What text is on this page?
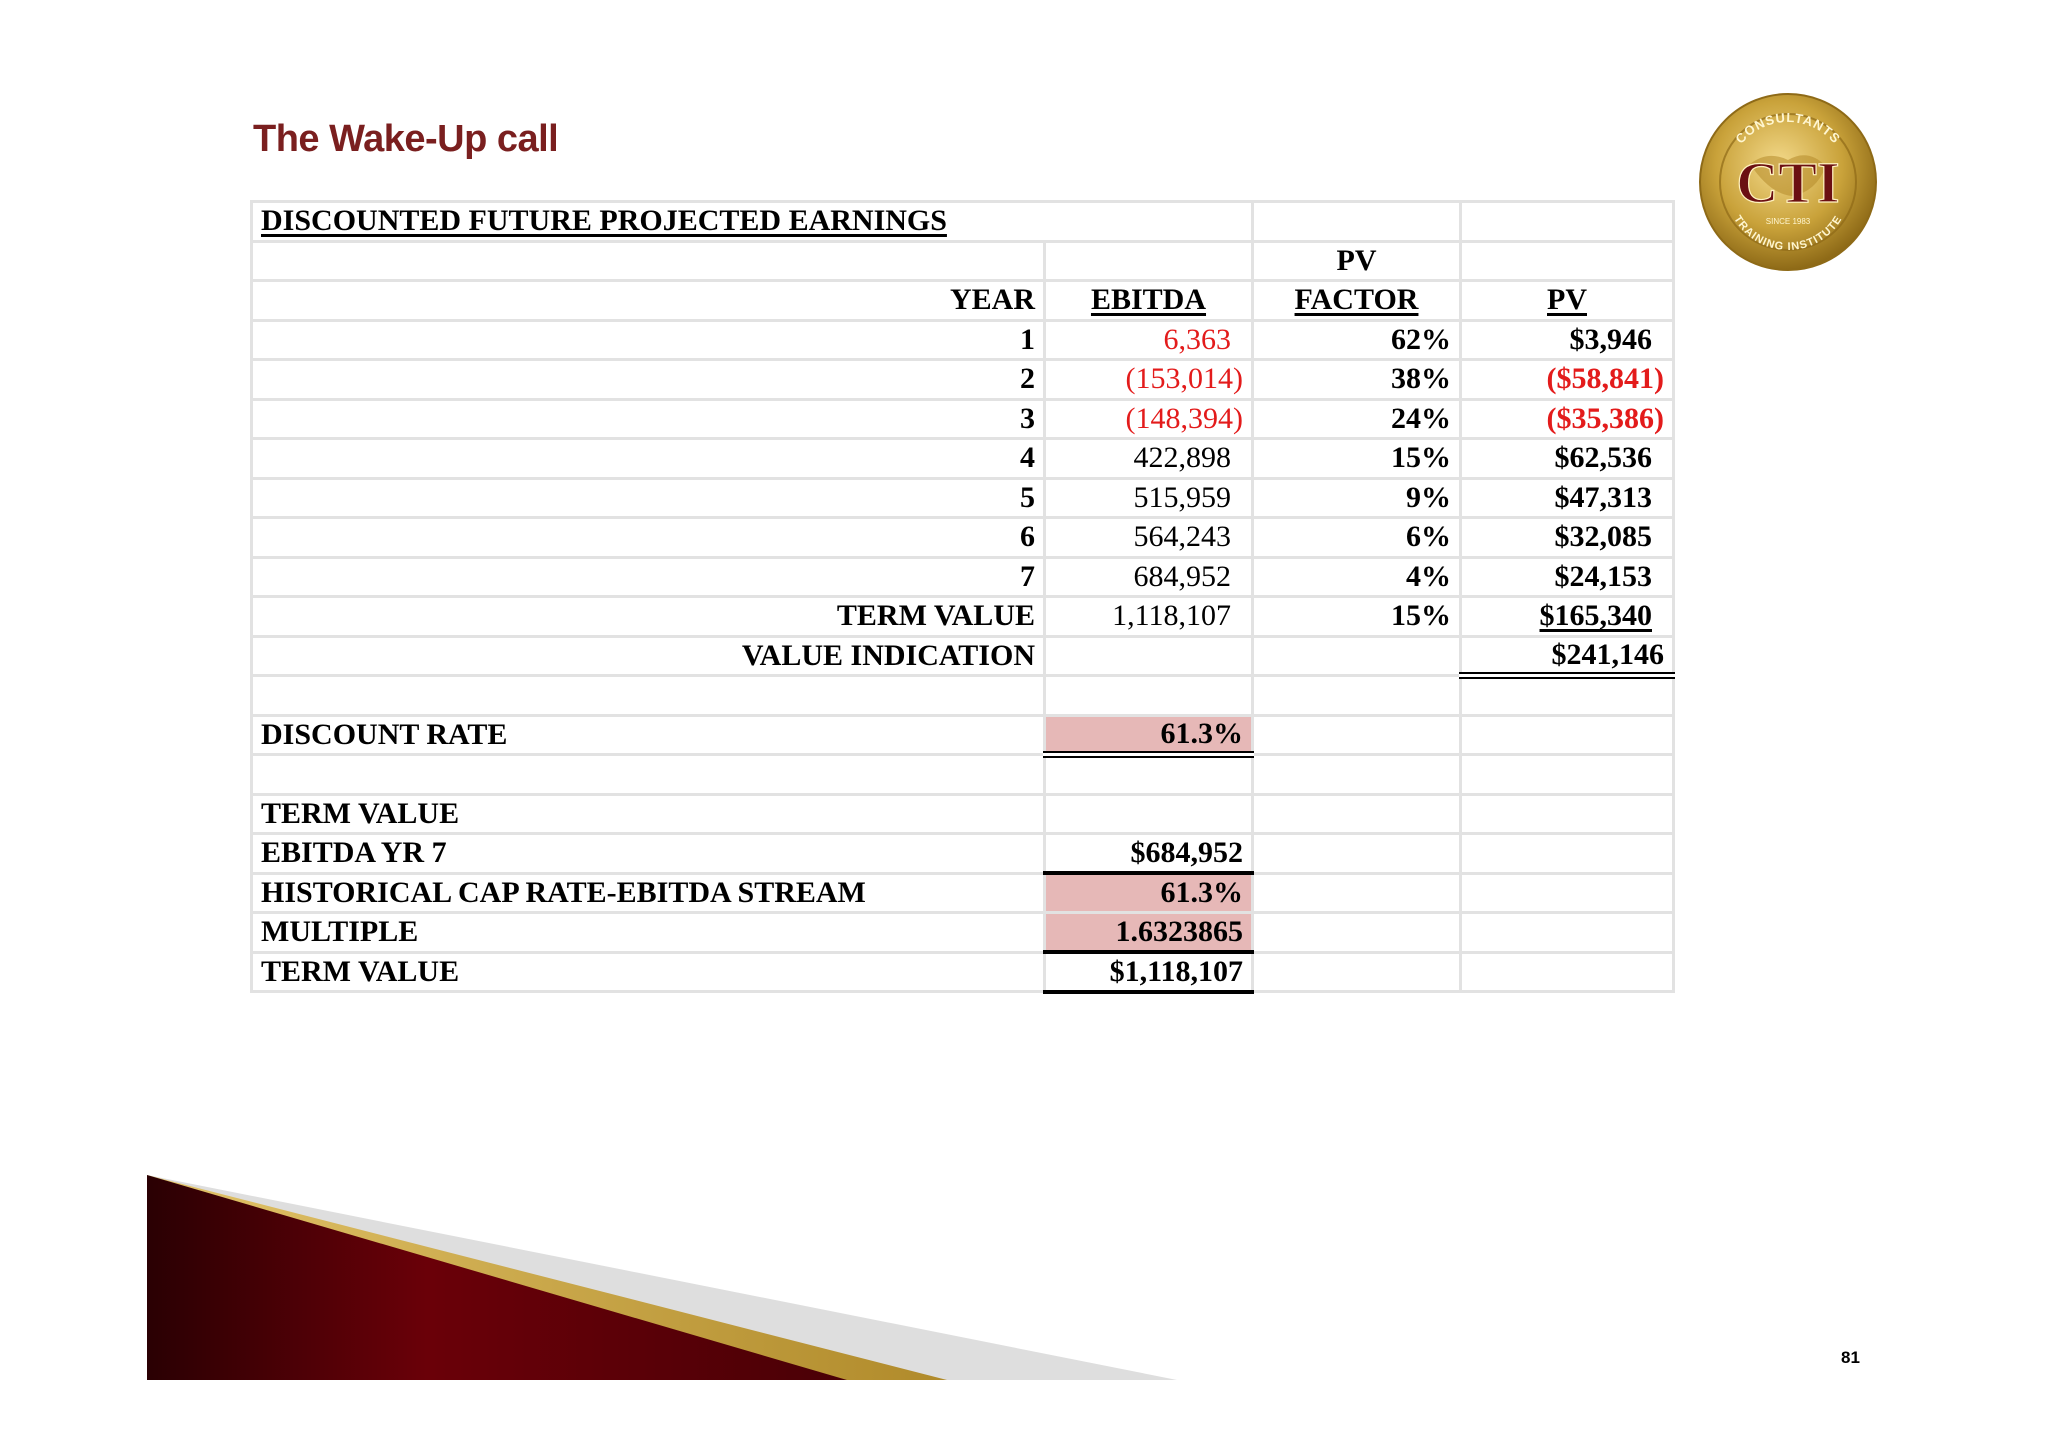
The Wake-Up call	CONSULTANTS
CTI
SINCE 1983
TRAINING INSTITUTE
DISCOUNTED FUTURE PROJECTED EARNINGS			
		PV	
YEAR	EBITDA	FACTOR	PV
1	6,363	62%	$3,946
2	(153,014)	38%	($58,841)
3	(148,394)	24%	($35,386)
4	422,898	15%	$62,536
5	515,959	9%	$47,313
6	564,243	6%	$32,085
7	684,952	4%	$24,153
TERM VALUE	1,118,107	15%	$165,340
VALUE INDICATION			$241,146

DISCOUNT RATE	61.3%		

TERM VALUE			
EBITDA YR 7	$684,952		
HISTORICAL CAP RATE-EBITDA STREAM	61.3%		
MULTIPLE	1.6323865		
TERM VALUE	$1,118,107		
81
